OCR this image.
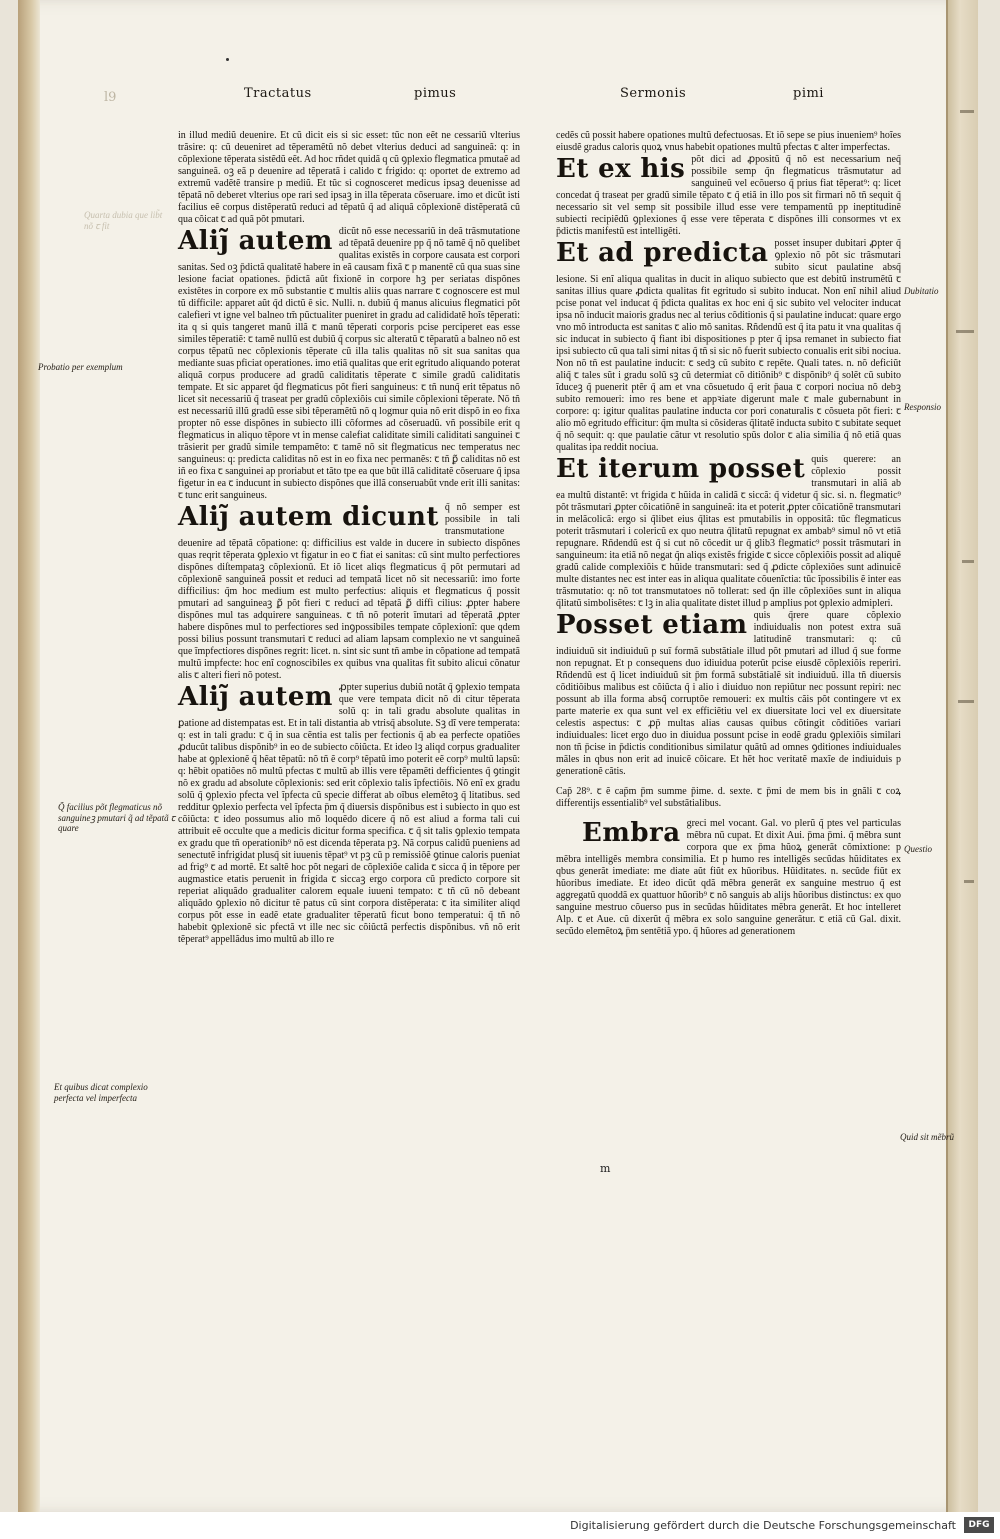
l9	Tractatus	pimus	Sermonis	pimi

in illud mediũ deuenire. Et cũ dicit eis si sic esset: tũc non eẽt ne cessariũ vlterius trãsire: q: cũ deueniret ad tẽperamẽtũ nõ debet vlterius deduci ad sanguineã: q: in cõplexione tẽperata sistẽdũ eẽt. Ad hoc rñdet quidã q cũ ꝯplexio flegmatica pmutaẽ ad sanguineã. oꝫ eã p deuenire ad tẽperatã i calido ꞇ frigido: q: oportet de extremo ad extremũ vadẽtẽ transire p mediũ. Et tũc si cognosceret medicus ipsaꝫ deuenisse ad tẽpatã nõ deberet vlterius ope rari sed ipsaꝫ in illa tẽperata cõseruare. imo et dicũt isti facilius eẽ corpus distẽperatũ reduci ad tẽpatũ q̃ ad aliquã cõplexionẽ distẽperatã cũ qua cõicat ꞇ ad quã põt pmutari.

Aliȷ̃ autem dicũt nõ esse necessariũ in deã trãsmutatione ad tẽpatã deuenire pp q̃ nõ tamẽ q̃ nõ quelibet qualitas existẽs in corpore causata est corpori sanitas. Sed oꝫ p̄dictã qualitatẽ habere in eã causam fixã ꞇ p manentẽ cũ qua suas sine lesione faciat opationes. p̄dictã aũt fixionẽ in corpore hꝫ per seriatas dispõnes existẽtes in corpore ex mõ substantie ꞇ multis aliis quas narrare ꞇ cognoscere est mul tũ difficile: apparet aũt q̃d dictũ ẽ sic. Nulli. n. dubiũ q̃ manus alicuius flegmatici põt calefieri vt igne vel balneo tm̃ pũctualiter pueniret in gradu ad calididatẽ hoĩs tẽperati: ita q si quis tangeret manũ illã ꞇ manũ tẽperati corporis pcise perciperet eas esse similes tẽperatiẽ: ꞇ tamẽ nullũ est dubiũ q̃ corpus sic alteratũ ꞇ tẽparatũ a balneo nõ est corpus tẽpatũ nec cõplexionis tẽperate cũ illa talis qualitas nõ sit sua sanitas qua mediante suas pficiat operationes. imo etiã qualitas que erit egritudo aliquando poterat aliquã corpus producere ad gradũ caliditatis tẽperate ꞇ simile gradũ caliditatis tempate. Et sic apparet q̃d flegmaticus põt fieri sanguineus: ꞇ tñ nunq̃ erit tẽpatus nõ licet sit necessariũ q̃ traseat per gradũ cõplexiõis cui simile cõplexioni tẽperate. Nõ tñ est necessariũ illũ gradũ esse sibi tẽperamẽtũ nõ q logmur quia nõ erit dispõ in eo fixa propter nõ esse dispõnes in subiecto illi cõformes ad cõseruadũ. vñ possibile erit q flegmaticus in aliquo tẽpore vt in mense calefiat caliditate simili caliditati sanguinei ꞇ trãsierit per gradũ simile tempamẽto: ꞇ tamẽ nõ sit flegmaticus nec temperatus nec sanguineus: q: predicta caliditas nõ est in eo fixa nec permanẽs: ꞇ tñ ꝑ̃ caliditas nõ est iñ eo fixa ꞇ sanguinei ap proriabut et tãto tpe ea que būt illã caliditatẽ cõseruare q̃ ipsa figetur in ea ꞇ inducunt in subiecto dispõnes que illã conseruabũt vnde erit illi sanitas: ꞇ tunc erit sanguineus.

Aliȷ̃ autem dicunt q̃ nõ semper est possibile in tali transmutatione deuenire ad tẽpatã cõpatione: q: difficilius est valde in ducere in subiecto dispõnes quas reqrit tẽperata ꝯplexio vt figatur in eo ꞇ fiat ei sanitas: cũ sint multo perfectiores dispõnes diſtempataꝫ cõplexionũ. Et iõ licet aliqs flegmaticus q̃ põt permutari ad cõplexionẽ sanguineã possit et reduci ad tempatã licet nõ sit necessariũ: imo forte difficilius: q̃m hoc medium est multo perfectius: aliquis et flegmaticus q̃ possit pmutari ad sanguineaꝫ ꝑ̃ põt fieri ꞇ reduci ad tẽpatã ꝑ̃ diffi cilius: ꝓpter habere dispõnes mul tas adquirere sanguineas. ꞇ tñ nõ poterit ĩmutari ad tẽperatã ꝓpter habere dispõnes mul to perfectiores sed inꝯpossibiles tempate cõplexionĩ: que qdem possi bilius possunt transmutari ꞇ reduci ad aliam lapsam complexio ne vt sanguineã que ĩmpfectiores dispõnes regrit: licet. n. sint sic sunt tñ ambe in cõpatione ad tempatã multũ impfecte: hoc enĩ cognoscibiles ex quibus vna qualitas fit subito alicui cõnatur alis ꞇ alteri fieri nõ potest.

Aliȷ̃ autem ꝓpter superius dubiũ notãt q̃ ꝯplexio tempata que vere tempata dicit nõ di citur tẽperata solũ q: in tali gradu absolute qualitas in ꝑatione ad distempatas est. Et in tali distantia ab vtrisq̃ absolute. Sꝫ dĩ vere temperata: q: est in tali gradu: ꞇ q̃ in sua cẽntia est talis per fectionis q̃ ab ea perfecte opatiões ꝓducũt talibus dispõnib⁹ in eo de subiecto cõiũcta. Et ideo lꝫ aliqd corpus gradualiter habe at ꝯplexionẽ q̃ hẽat tẽpatũ: nõ tñ ẽ corp⁹ tẽpatũ imo poterit eẽ corp⁹ multũ lapsũ: q: hẽbit opatiões nõ multũ pfectas ꞇ multũ ab illis vere tẽpamẽti defficientes q̃ ꝯtingit nõ ex gradu ad absolute cõplexionis: sed erit cõplexio talis ĩpfectiõis. Nõ enĩ ex gradu solũ q̃ ꝯplexio pfecta vel ĩpfecta cũ specie differat ab oĩbus elemẽtoꝫ q̃ litatibus. sed redditur ꝯplexio perfecta vel ĩpfecta p̄m q̃ diuersis dispõnibus est i subiecto in quo est cõiũcta: ꞇ ideo possumus alio mõ loquẽdo dicere q̃ nõ est aliud a forma tali cui attribuit eẽ occulte que a medicis dicitur forma specifica. ꞇ q̃ sit talis ꝯplexio tempata ex gradu que tñ operationib⁹ nõ est dicenda tẽperata pꝫ. Nã corpus calidũ pueniens ad senectutẽ infrigidat plusq̃ sit iuuenis tẽpat⁹ vt pꝫ cũ p remissiõẽ ꝯtinue caloris pueniat ad frig⁹ ꞇ ad mortẽ. Et saltẽ hoc põt negari de cõplexiõe calida ꞇ sicca q̃ in tẽpore per augmastice etatis peruenit in frigida ꞇ siccaꝫ ergo corpora cũ predicto corpore sit reperiat aliquãdo gradualiter calorem equale iuueni tempato: ꞇ tñ cũ nõ debeant aliquãdo ꝯplexio nõ dicitur tẽ patus cũ sint corpora distẽperata: ꞇ ita similiter aliqd corpus põt esse in eadẽ etate gradualiter tẽperatũ ficut bono temperatui: q̃ tñ nõ habebit ꝯplexionẽ sic pfectã vt ille nec sic cõiũctã perfectis dispõnibus. vñ nõ erit tẽperat⁹ appellãdus imo multũ ab illo re

cedẽs cũ possit habere opationes multũ defectuosas. Et iõ sepe se pius inueniem⁹ hoĩes eiusdẽ gradus caloris quoꝝ vnus habebit opationes multũ pfectas ꞇ alter imperfectas.

Et ex his põt dici ad ꝓpositũ q̃ nõ est necessarium neq̃ possibile semp q̃n flegmaticus trãsmutatur ad sanguineũ vel ecõuerso q̃ prius fiat tẽperat⁹: q: licet concedat q̃ traseat per gradũ simile tẽpato ꞇ q̃ etiã in illo pos sit firmari nõ tñ sequit q̃ necessario sit vel semp sit possibile illud esse vere tempamentũ pp ineptitudinẽ subiecti recipiẽdũ ꝯplexiones q̃ esse vere tẽperata ꞇ dispõnes illi consormes vt ex p̄dictis manifestũ est intelligẽti.

Et ad predicta posset insuper dubitari ꝓpter q̃ ꝯplexio nõ põt sic trãsmutari subito sicut paulatine absq̃ lesione. Si enĩ aliqua qualitas in ducit in aliquo subiecto que est debitũ instrumẽtũ ꞇ sanitas illius quare ꝓdicta qualitas fit egritudo si subito inducat. Non enĩ nihil aliud pcise ponat vel inducat q̃ p̄dicta qualitas ex hoc eni q̃ sic subito vel velociter inducat ipsa nõ inducit maioris gradus nec al terius cõditionis q̃ si paulatine inducat: quare ergo vno mõ introducta est sanitas ꞇ alio mõ sanitas. Rñdendũ est q̃ ita patu it vna qualitas q̃ sic inducat in subiecto q̃ fiant ibi dispositiones p pter q̃ ipsa remanet in subiecto fiat ipsi subiecto cũ qua tali simi nitas q̃ tñ si sic nõ fuerit subiecto conualis erit sibi nociua. Non nõ tñ est paulatine inducit: ꞇ sedꝫ cũ subito ꞇ repẽte. Quali tates. n. nõ deficiũt aliq̃ ꞇ tales sũt i gradu solũ sꝫ cũ determiat cõ ditiõnib⁹ ꞇ dispõnib⁹ q̃ solẽt cũ subito ĩduceꝫ q̃ puenerit ptẽr q̃ am et vna cõsuetudo q̃ erit p̄aua ꞇ corpori nociua nõ debꝫ subito remoueri: imo res bene et appꝛiate digerunt male ꞇ male gubernabunt in corpore: q: igitur qualitas paulatine inducta cor pori conaturalis ꞇ cõsueta põt fieri: ꞇ alio mõ egritudo efficitur: q̃m multa si cõsideras q̃litatẽ inducta subito ꞇ subitate sequet q̃ nõ sequit: q: que paulatie cãtur vt resolutio spũs dolor ꞇ alia similia q̃ nõ etiã quas qualitas ipa reddit nociua.

Et iterum posset quis querere: an cõplexio possit transmutari in aliã ab ea multũ distantẽ: vt frigida ꞇ hũida in calidã ꞇ siccã: q̃ videtur q̃ sic. si. n. flegmatic⁹ põt trãsmutari ꝓpter cõicatiõnẽ in sanguineã: ita et poterit ꝓpter cõicatiõnẽ transmutari in melãcolicã: ergo si q̃libet eius q̃litas est pmutabilis in oppositã: tũc flegmaticus poterit trãsmutari i colericũ ex quo neutra q̃litatũ repugnat ex ambab⁹ simul nõ vt etiã repugnare. Rñdendũ est q̃ si cut nõ cõcedit ur q̃ glib3 flegmatic⁹ possit trãsmutari in sanguineum: ita etiã nõ negat q̃n aliqs existẽs frigide ꞇ sicce cõplexiõis possit ad aliquẽ gradũ calide complexiõis ꞇ hũide transmutari: sed q̃ ꝓdicte cõplexiões sunt adinuicẽ multe distantes nec est inter eas in aliqua qualitate cõuenĩctia: tũc ĩpossibilis ẽ inter eas trãsmutatio: q: nõ tot transmutatoes nõ tollerat: sed q̃n ille cõplexiões sunt in aliqua q̃litatũ simbolisẽtes: ꞇ lꝫ in alia qualitate distet illud p amplius pot ꝯplexio admipleri.

Posset etiam quis q̃rere quare cõplexio indiuidualis non potest extra suã latitudinẽ transmutari: q: cũ indiuiduũ sit indiuiduũ p suĩ formã substãtiale illud põt pmutari ad illud q̃ sue forme non repugnat. Et p consequens duo idiuidua poterũt pcise eiusdẽ cõplexiõis reperiri. Rñdendũ est q̃ licet indiuiduũ sit p̄m formã substãtialẽ sit indiuiduũ. illa tñ diuersis cõditiõibus malibus est cõiũcta q̃ i alio i diuiduo non repiũtur nec possunt repiri: nec possunt ab illa forma absq̃ corruptõe remoueri: ex multis cãis põt contingere vt ex parte materie ex qua sunt vel ex efficiẽtiu vel ex diuersitate loci vel ex diuersitate celestis aspectus: ꞇ ꝓp̃ multas alias causas quibus cõtingit cõditiões variari indiuiduales: licet ergo duo in diuidua possunt pcise in eodẽ gradu ꝯplexiõis similari non tñ p̄cise in p̄dictis conditionibus similatur quãtũ ad omnes ꝯditiones indiuiduales mãles in qbus non erit ad inuicẽ cõicare. Et hẽt hoc veritatẽ maxĩe de indiuiduis p generationẽ cãtis.

Cap̃ 28⁹. ꞇ ẽ cap̃m p̄m summe p̄ime. d. sexte. ꞇ p̄mi de mem bis in gnãli ꞇ coꝝ differentijs essentialib⁹ vel substãtialibus.

Embra greci mel vocant. Gal. vo plerũ q̃ ptes vel particulas mẽbra nũ cupat. Et dixit Aui. p̄ma p̄mi. q̃ mẽbra sunt corpora que ex p̄ma hũoꝝ generãt cõmixtione: p mẽbra intelligẽs membra consimilia. Et p humo res intelligẽs secũdas hũiditates ex qbus generãt imediate: me diate aũt fiũt ex hũoribus. Hũiditates. n. secũde fiũt ex hũoribus imediate. Et ideo dicũt qdã mẽbra generãt ex sanguine mestruo q̃ est aggregatũ quoddã ex quattuor hũorib⁹ ꞇ nõ sanguis ab alijs hũoribus distinctus: ex quo sanguine mestruo cõuerso pus in secũdas hũiditates mẽbra generãt. Et hoc intelleret Alp. ꞇ et Aue. cũ dixerũt q̃ mẽbra ex solo sanguine generãtur. ꞇ etiã cũ Gal. dixit. secũdo elemẽtoꝝ p̄m sentẽtiã ypo. q̃ hũores ad generationem

Quarta dubia que lib̃t nõ ꞇ fit
Probatio per exemplum
Q̃ facilius põt flegmaticus nõ sanguineꝫ pmutari q̃ ad tẽpatã ꞇ quare
Et quibus dicat complexio perfecta vel imperfecta
Dubitatio
Responsio
Questio
Quid sit mẽbrũ
m
Digitalisierung gefördert durch die Deutsche Forschungsgemeinschaft	DFG
